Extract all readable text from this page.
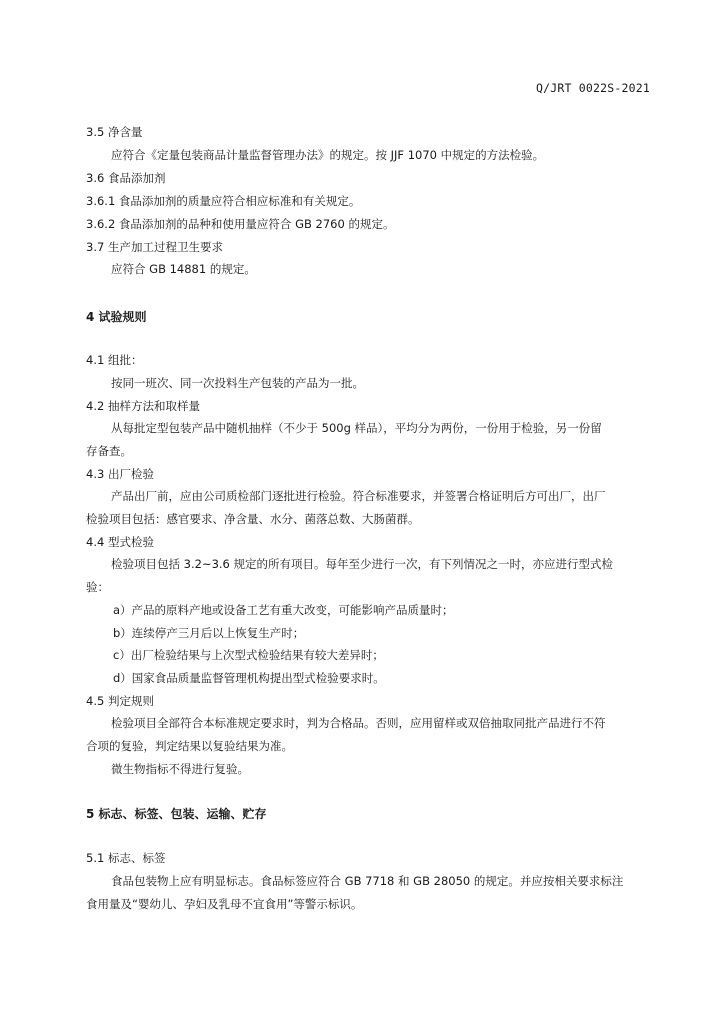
Q/JRT 0022S-2021
3.5 净含量
应符合《定量包装商品计量监督管理办法》的规定。按 JJF 1070 中规定的方法检验。
3.6 食品添加剂
3.6.1 食品添加剂的质量应符合相应标准和有关规定。
3.6.2 食品添加剂的品种和使用量应符合 GB 2760 的规定。
3.7 生产加工过程卫生要求
应符合 GB 14881 的规定。
4 试验规则
4.1 组批：
按同一班次、同一次投料生产包装的产品为一批。
4.2 抽样方法和取样量
从每批定型包装产品中随机抽样（不少于 500g 样品），平均分为两份，一份用于检验，另一份留
存备查。
4.3 出厂检验
产品出厂前，应由公司质检部门逐批进行检验。符合标准要求，并签署合格证明后方可出厂，出厂
检验项目包括：感官要求、净含量、水分、菌落总数、大肠菌群。
4.4 型式检验
检验项目包括 3.2~3.6 规定的所有项目。每年至少进行一次，有下列情况之一时，亦应进行型式检
验：
a）产品的原料产地或设备工艺有重大改变，可能影响产品质量时；
b）连续停产三月后以上恢复生产时；
c）出厂检验结果与上次型式检验结果有较大差异时；
d）国家食品质量监督管理机构提出型式检验要求时。
4.5 判定规则
检验项目全部符合本标准规定要求时，判为合格品。否则，应用留样或双倍抽取同批产品进行不符
合项的复验，判定结果以复验结果为准。
微生物指标不得进行复验。
5 标志、标签、包装、运输、贮存
5.1 标志、标签
食品包装物上应有明显标志。食品标签应符合 GB 7718 和 GB 28050 的规定。并应按相关要求标注
食用量及“婴幼儿、孕妇及乳母不宜食用”等警示标识。
